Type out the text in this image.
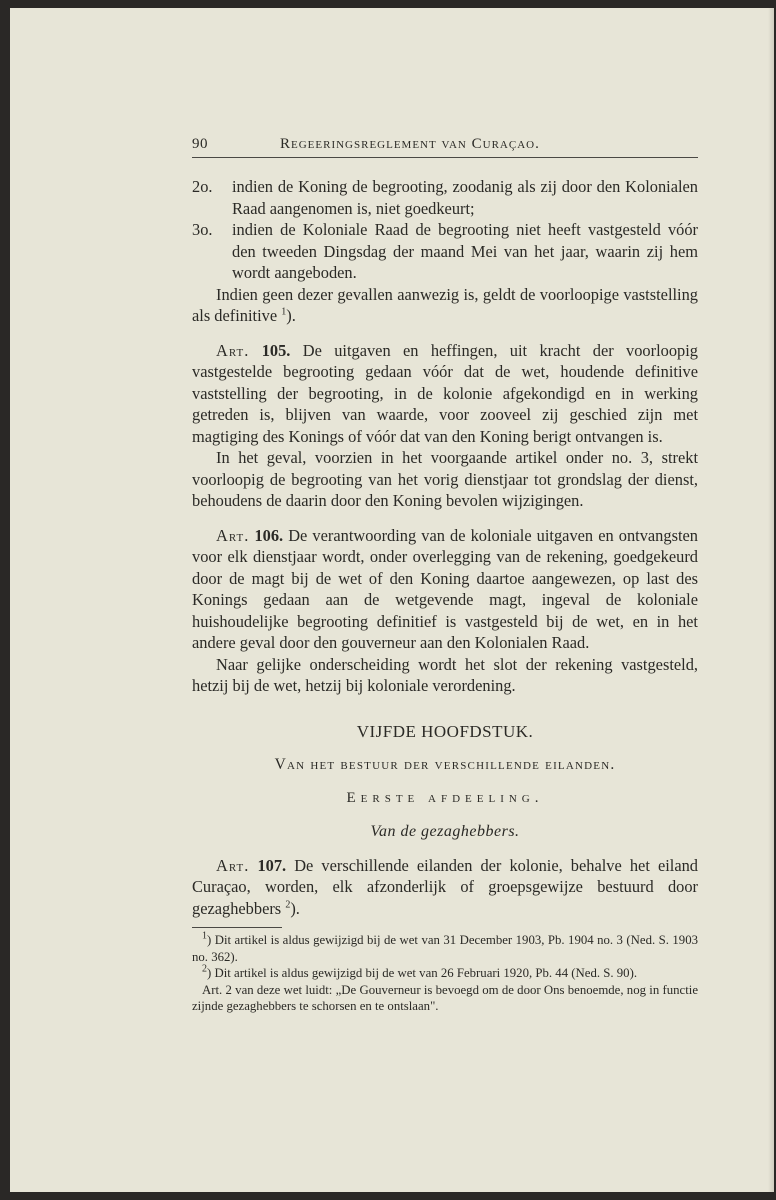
90	Regeeringsreglement van Curaçao.
2o. indien de Koning de begrooting, zoodanig als zij door den Kolonialen Raad aangenomen is, niet goedkeurt;
3o. indien de Koloniale Raad de begrooting niet heeft vastgesteld vóór den tweeden Dingsdag der maand Mei van het jaar, waarin zij hem wordt aangeboden.

Indien geen dezer gevallen aanwezig is, geldt de voorloopige vaststelling als definitive $^1$).

Art. 105. De uitgaven en heffingen, uit kracht der voorloopig vastgestelde begrooting gedaan vóór dat de wet, houdende definitive vaststelling der begrooting, in de kolonie afgekondigd en in werking getreden is, blijven van waarde, voor zooveel zij geschied zijn met magtiging des Konings of vóór dat van den Koning berigt ontvangen is.

In het geval, voorzien in het voorgaande artikel onder no. 3, strekt voorloopig de begrooting van het vorig dienstjaar tot grondslag der dienst, behoudens de daarin door den Koning bevolen wijzigingen.

Art. 106. De verantwoording van de koloniale uitgaven en ontvangsten voor elk dienstjaar wordt, onder overlegging van de rekening, goedgekeurd door de magt bij de wet of den Koning daartoe aangewezen, op last des Konings gedaan aan de wetgevende magt, ingeval de koloniale huishoudelijke begrooting definitief is vastgesteld bij de wet, en in het andere geval door den gouverneur aan den Kolonialen Raad.

Naar gelijke onderscheiding wordt het slot der rekening vastgesteld, hetzij bij de wet, hetzij bij koloniale verordening.

VIJFDE HOOFDSTUK.
Van het bestuur der verschillende eilanden.
Eerste afdeeling.
Van de gezaghebbers.

Art. 107. De verschillende eilanden der kolonie, behalve het eiland Curaçao, worden, elk afzonderlijk of groepsgewijze bestuurd door gezaghebbers $^2$).

$^1$) Dit artikel is aldus gewijzigd bij de wet van 31 December 1903, Pb. 1904 no. 3 (Ned. S. 1903 no. 362).

$^2$) Dit artikel is aldus gewijzigd bij de wet van 26 Februari 1920, Pb. 44 (Ned. S. 90).

Art. 2 van deze wet luidt: „De Gouverneur is bevoegd om de door Ons benoemde, nog in functie zijnde gezaghebbers te schorsen en te ontslaan".
